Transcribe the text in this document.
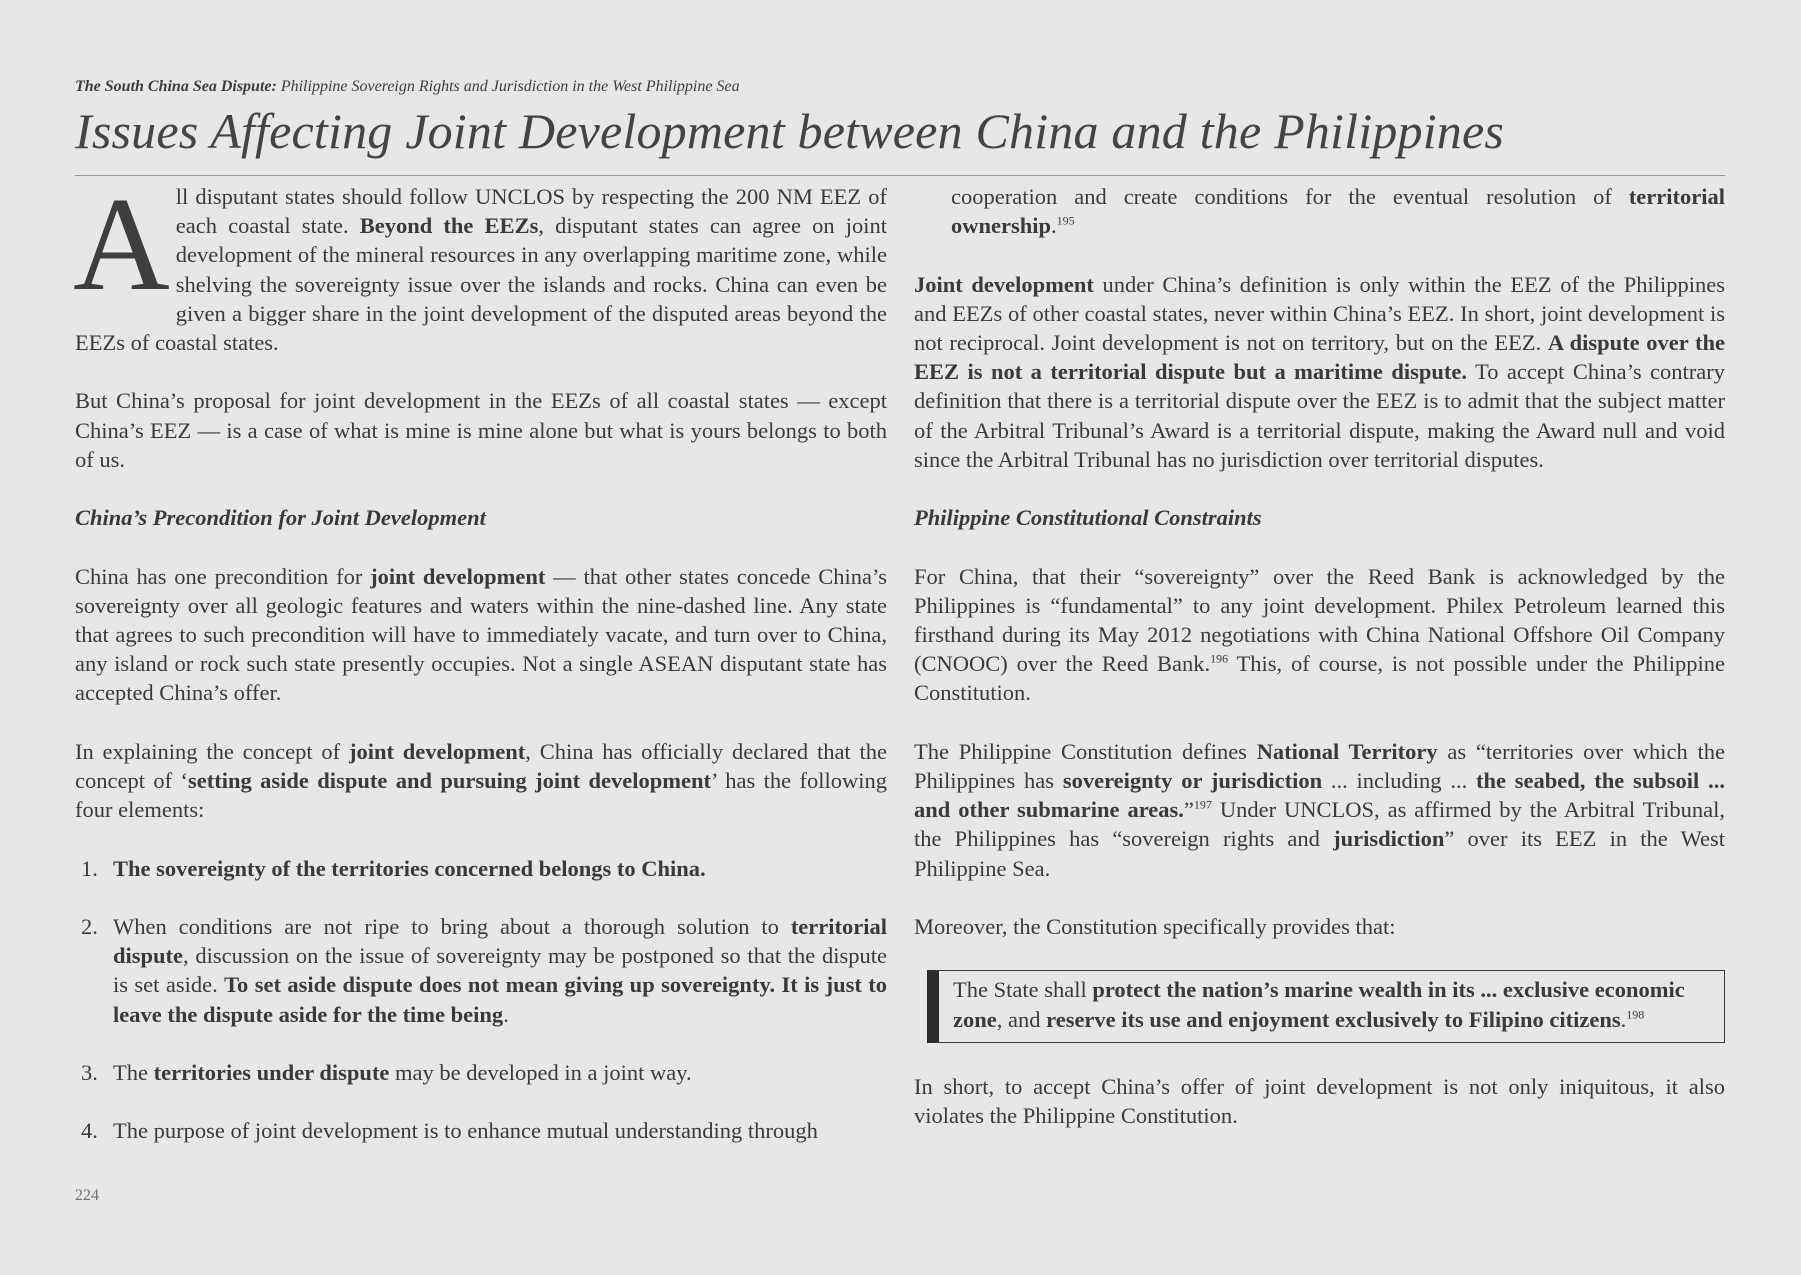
The South China Sea Dispute: Philippine Sovereign Rights and Jurisdiction in the West Philippine Sea
Issues Affecting Joint Development between China and the Philippines

All disputant states should follow UNCLOS by respecting the 200 NM EEZ of each coastal state. Beyond the EEZs, disputant states can agree on joint development of the mineral resources in any overlapping maritime zone, while shelving the sovereignty issue over the islands and rocks. China can even be given a bigger share in the joint development of the disputed areas beyond the EEZs of coastal states.

But China’s proposal for joint development in the EEZs of all coastal states — except China’s EEZ — is a case of what is mine is mine alone but what is yours belongs to both of us.

China’s Precondition for Joint Development

China has one precondition for joint development — that other states concede China’s sovereignty over all geologic features and waters within the nine-dashed line. Any state that agrees to such precondition will have to immediately vacate, and turn over to China, any island or rock such state presently occupies. Not a single ASEAN disputant state has accepted China’s offer.

In explaining the concept of joint development, China has officially declared that the concept of ‘setting aside dispute and pursuing joint development’ has the following four elements:

1. The sovereignty of the territories concerned belongs to China.
2. When conditions are not ripe to bring about a thorough solution to territorial dispute, discussion on the issue of sovereignty may be postponed so that the dispute is set aside. To set aside dispute does not mean giving up sovereignty. It is just to leave the dispute aside for the time being.
3. The territories under dispute may be developed in a joint way.
4. The purpose of joint development is to enhance mutual understanding through

cooperation and create conditions for the eventual resolution of territorial ownership.$^{195}$

Joint development under China’s definition is only within the EEZ of the Philippines and EEZs of other coastal states, never within China’s EEZ. In short, joint development is not reciprocal. Joint development is not on territory, but on the EEZ. A dispute over the EEZ is not a territorial dispute but a maritime dispute. To accept China’s contrary definition that there is a territorial dispute over the EEZ is to admit that the subject matter of the Arbitral Tribunal’s Award is a territorial dispute, making the Award null and void since the Arbitral Tribunal has no jurisdiction over territorial disputes.

Philippine Constitutional Constraints

For China, that their “sovereignty” over the Reed Bank is acknowledged by the Philippines is “fundamental” to any joint development. Philex Petroleum learned this firsthand during its May 2012 negotiations with China National Offshore Oil Company (CNOOC) over the Reed Bank.$^{196}$ This, of course, is not possible under the Philippine Constitution.

The Philippine Constitution defines National Territory as “territories over which the Philippines has sovereignty or jurisdiction ... including ... the seabed, the subsoil ... and other submarine areas.”$^{197}$ Under UNCLOS, as affirmed by the Arbitral Tribunal, the Philippines has “sovereign rights and jurisdiction” over its EEZ in the West Philippine Sea.

Moreover, the Constitution specifically provides that:

The State shall protect the nation’s marine wealth in its ... exclusive economic zone, and reserve its use and enjoyment exclusively to Filipino citizens.$^{198}$

In short, to accept China’s offer of joint development is not only iniquitous, it also violates the Philippine Constitution.

224
